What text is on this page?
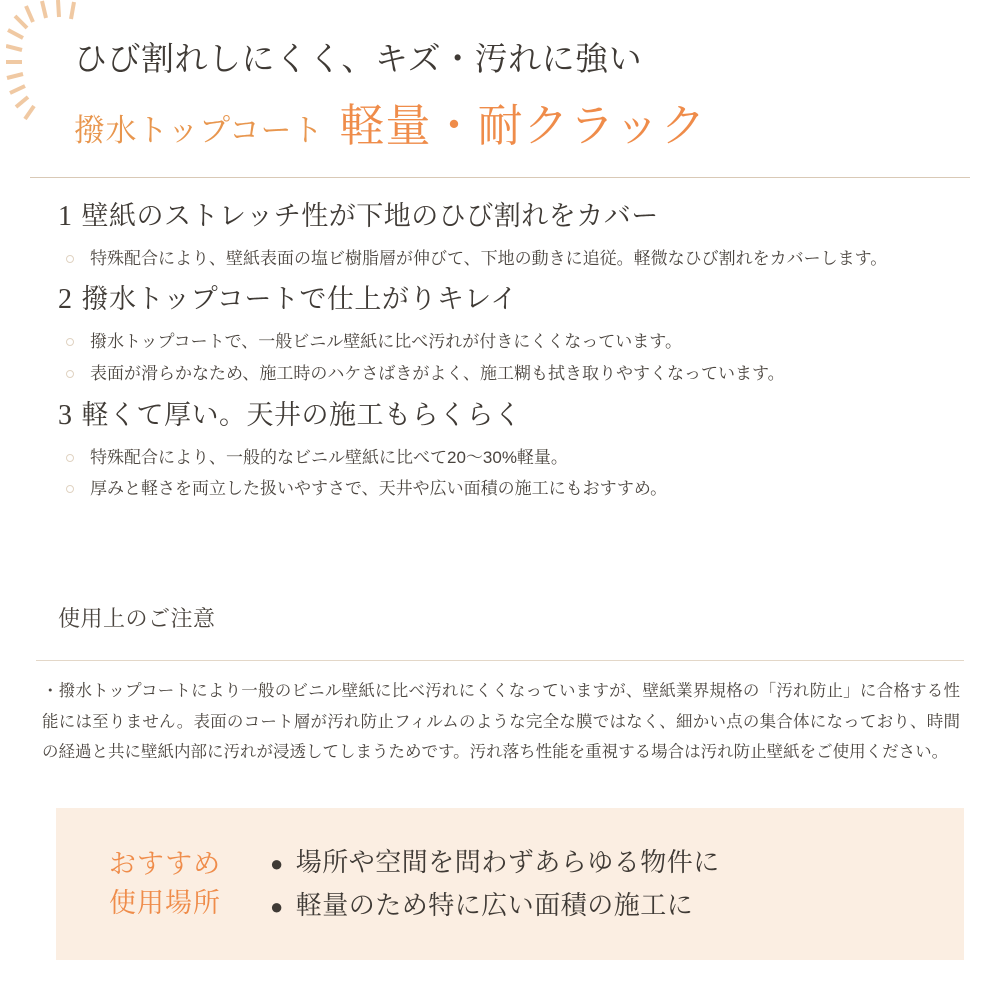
ひび割れしにくく、キズ・汚れに強い
撥水トップコート 軽量・耐クラック
1 壁紙のストレッチ性が下地のひび割れをカバー
特殊配合により、壁紙表面の塩ビ樹脂層が伸びて、下地の動きに追従。軽微なひび割れをカバーします。
2 撥水トップコートで仕上がりキレイ
撥水トップコートで、一般ビニル壁紙に比べ汚れが付きにくくなっています。
表面が滑らかなため、施工時のハケさばきがよく、施工糊も拭き取りやすくなっています。
3 軽くて厚い。天井の施工もらくらく
特殊配合により、一般的なビニル壁紙に比べて20〜30%軽量。
厚みと軽さを両立した扱いやすさで、天井や広い面積の施工にもおすすめ。
使用上のご注意
・撥水トップコートにより一般のビニル壁紙に比べ汚れにくくなっていますが、壁紙業界規格の「汚れ防止」に合格する性能には至りません。表面のコート層が汚れ防止フィルムのような完全な膜ではなく、細かい点の集合体になっており、時間の経過と共に壁紙内部に汚れが浸透してしまうためです。汚れ落ち性能を重視する場合は汚れ防止壁紙をご使用ください。
おすすめ
使用場所
● 場所や空間を問わずあらゆる物件に
● 軽量のため特に広い面積の施工に
